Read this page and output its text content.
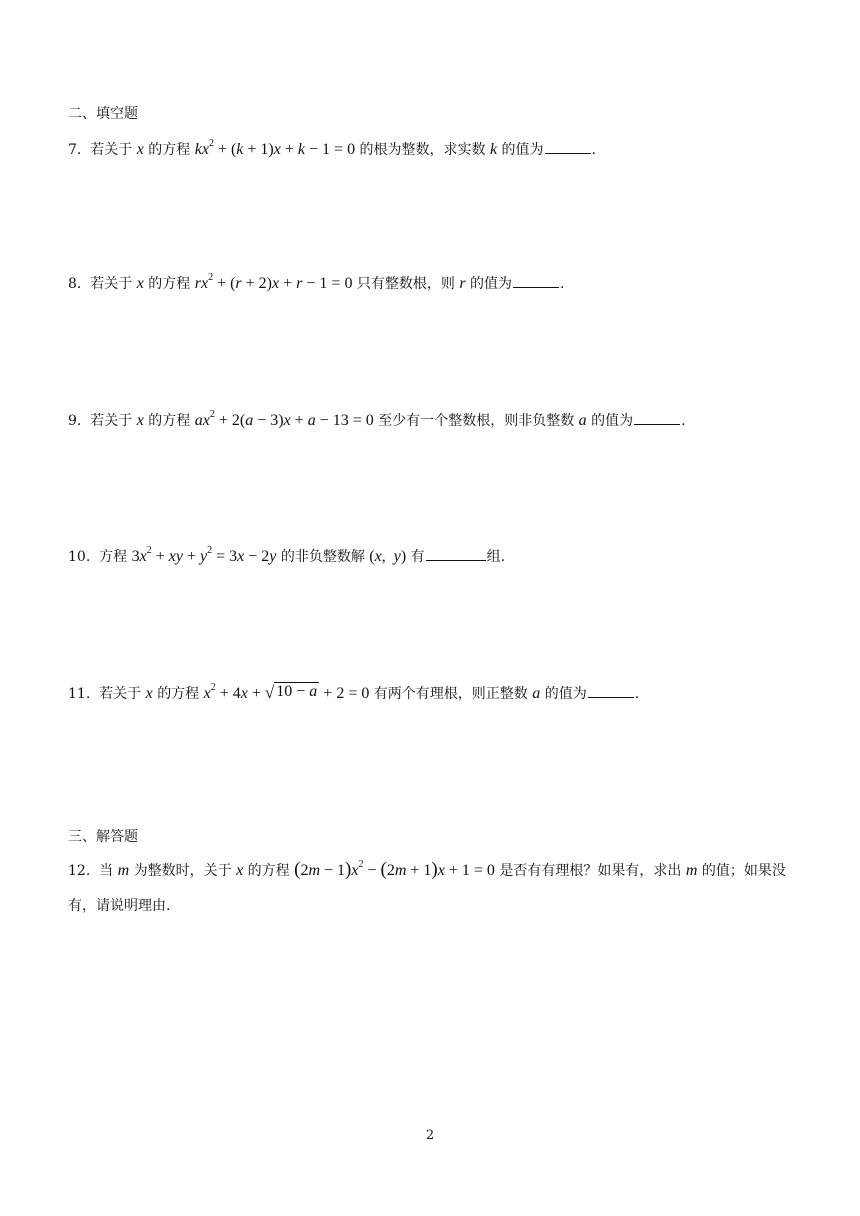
二、填空题
7. 若关于 x 的方程 $kx^2 + (k + 1)x + k - 1 = 0$ 的根为整数，求实数 k 的值为	.
8. 若关于 x 的方程 $rx^2 + (r + 2)x + r - 1 = 0$ 只有整数根，则 r 的值为	.
9. 若关于 x 的方程 $ax^2 + 2(a - 3)x + a - 13 = 0$ 至少有一个整数根，则非负整数 a 的值为	.
10. 方程 $3x^2$ + xy + $y^2 = 3x - 2y$ 的非负整数解 (x,  y) 有	组.
11. 若关于 x 的方程 $x^2 + 4x$ + √ 10 − a + 2 = 0 有两个有理根，则正整数 a 的值为	.
三、解答题
12. 当 m 为整数时，关于 x 的方程 $(2m - 1)x^2 - (2m + 1)x + 1 = 0$ 是否有有理根？如果有，求出 m 的值；如果没
有，请说明理由.
2
